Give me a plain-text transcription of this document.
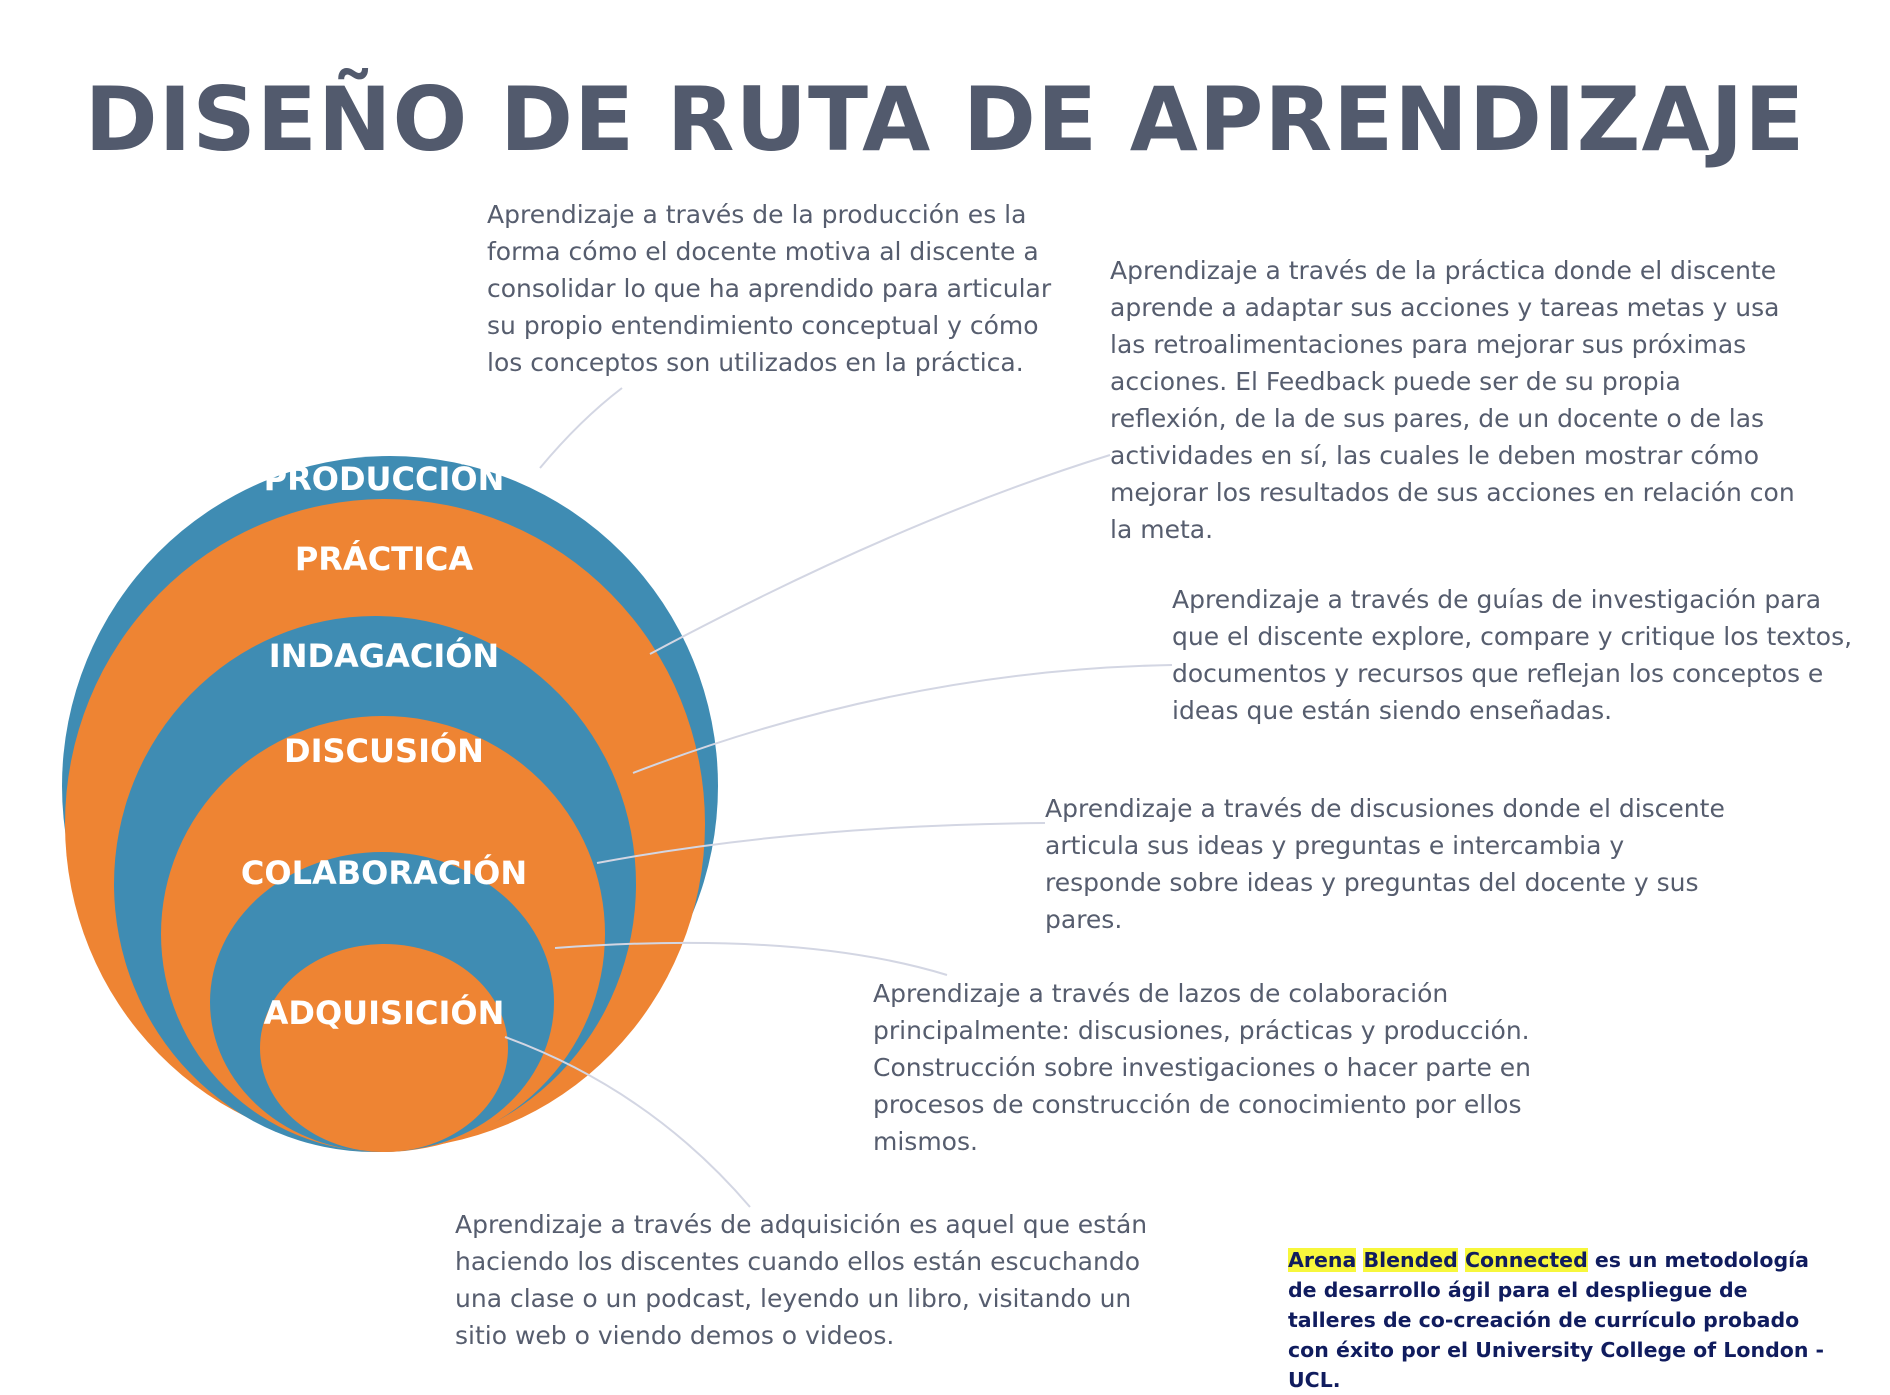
DISEÑO DE RUTA DE APRENDIZAJE
PRODUCCIÓN
PRÁCTICA
INDAGACIÓN
DISCUSIÓN
COLABORACIÓN
ADQUISICIÓN

Aprendizaje a través de la producción es la forma cómo el docente motiva al discente a consolidar lo que ha aprendido para articular su propio entendimiento conceptual y cómo los conceptos son utilizados en la práctica.

Aprendizaje a través de la práctica donde el discente aprende a adaptar sus acciones y tareas metas y usa las retroalimentaciones para mejorar sus próximas acciones. El Feedback puede ser de su propia reflexión, de la de sus pares, de un docente o de las actividades en sí, las cuales le deben mostrar cómo mejorar los resultados de sus acciones en relación con la meta.

Aprendizaje a través de guías de investigación para que el discente explore, compare y critique los textos, documentos y recursos que reflejan los conceptos e ideas que están siendo enseñadas.

Aprendizaje a través de discusiones donde el discente articula sus ideas y preguntas e intercambia y responde sobre ideas y preguntas del docente y sus pares.

Aprendizaje a través de lazos de colaboración principalmente: discusiones, prácticas y producción. Construcción sobre investigaciones o hacer parte en procesos de construcción de conocimiento por ellos mismos.

Aprendizaje a través de adquisición es aquel que están haciendo los discentes cuando ellos están escuchando una clase o un podcast, leyendo un libro, visitando un sitio web o viendo demos o videos.

Arena Blended Connected es un metodología de desarrollo ágil para el despliegue de talleres de co-creación de currículo probado con éxito por el University College of London - UCL.
